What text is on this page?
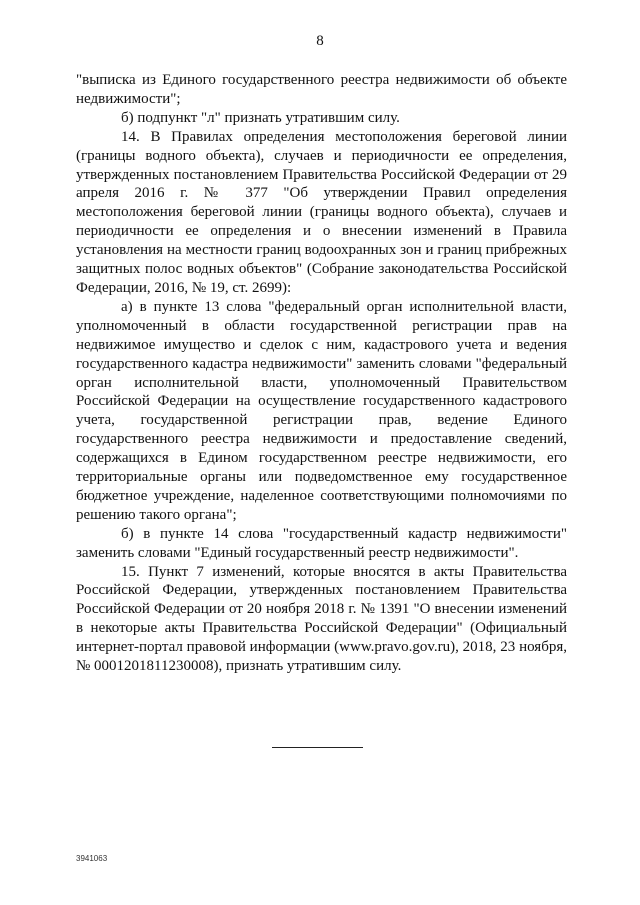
8

"выписка из Единого государственного реестра недвижимости об объекте недвижимости";

б) подпункт "л" признать утратившим силу.

14. В Правилах определения местоположения береговой линии (границы водного объекта), случаев и периодичности ее определения, утвержденных постановлением Правительства Российской Федерации от 29 апреля 2016 г. № 377 "Об утверждении Правил определения местоположения береговой линии (границы водного объекта), случаев и периодичности ее определения и о внесении изменений в Правила установления на местности границ водоохранных зон и границ прибрежных защитных полос водных объектов" (Собрание законодательства Российской Федерации, 2016, № 19, ст. 2699):

а) в пункте 13 слова "федеральный орган исполнительной власти, уполномоченный в области государственной регистрации прав на недвижимое имущество и сделок с ним, кадастрового учета и ведения государственного кадастра недвижимости" заменить словами "федеральный орган исполнительной власти, уполномоченный Правительством Российской Федерации на осуществление государственного кадастрового учета, государственной регистрации прав, ведение Единого государственного реестра недвижимости и предоставление сведений, содержащихся в Едином государственном реестре недвижимости, его территориальные органы или подведомственное ему государственное бюджетное учреждение, наделенное соответствующими полномочиями по решению такого органа";

б) в пункте 14 слова "государственный кадастр недвижимости" заменить словами "Единый государственный реестр недвижимости".

15. Пункт 7 изменений, которые вносятся в акты Правительства Российской Федерации, утвержденных постановлением Правительства Российской Федерации от 20 ноября 2018 г. № 1391 "О внесении изменений в некоторые акты Правительства Российской Федерации" (Официальный интернет-портал правовой информации (www.pravo.gov.ru), 2018, 23 ноября, № 0001201811230008), признать утратившим силу.

3941063
